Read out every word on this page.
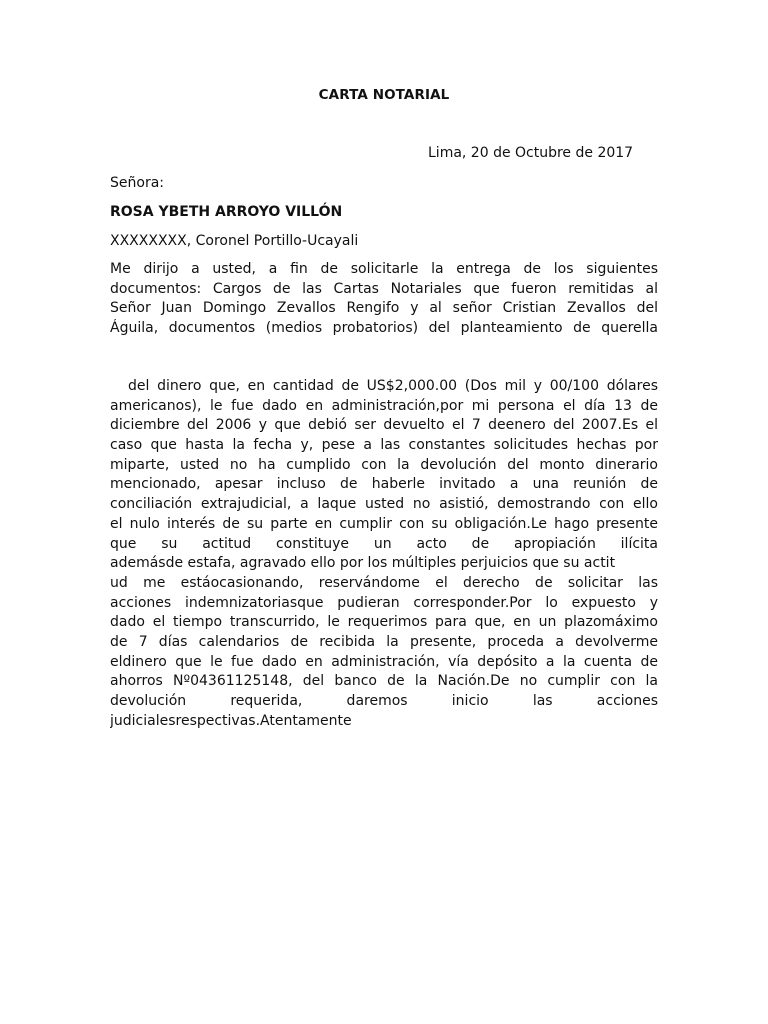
CARTA NOTARIAL
Lima, 20 de Octubre de 2017
Señora:
ROSA YBETH ARROYO VILLÓN
XXXXXXXX, Coronel Portillo-Ucayali
Me dirijo a usted, a fin de solicitarle la entrega de los siguientes
documentos: Cargos de las Cartas Notariales que fueron remitidas al
Señor Juan Domingo Zevallos Rengifo y al señor Cristian Zevallos del
Águila, documentos (medios probatorios) del planteamiento de querella
del dinero que, en cantidad de US$2,000.00 (Dos mil y 00/100 dólares
americanos), le fue dado en administración,por mi persona el día 13 de
diciembre del 2006 y que debió ser devuelto el 7 deenero del 2007.Es el
caso que hasta la fecha y, pese a las constantes solicitudes hechas por
miparte, usted no ha cumplido con la devolución del monto dinerario
mencionado, apesar incluso de haberle invitado a una reunión de
conciliación extrajudicial, a laque usted no asistió, demostrando con ello
el nulo interés de su parte en cumplir con su obligación.Le hago presente
que su actitud constituye un acto de apropiación ilícita
ademásde estafa, agravado ello por los múltiples perjuicios que su actit
ud me estáocasionando, reservándome el derecho de solicitar las
acciones indemnizatoriasque pudieran corresponder.Por lo expuesto y
dado el tiempo transcurrido, le requerimos para que, en un plazomáximo
de 7 días calendarios de recibida la presente, proceda a devolverme
eldinero que le fue dado en administración, vía depósito a la cuenta de
ahorros Nº04361125148, del banco de la Nación.De no cumplir con la
devolución requerida, daremos inicio las acciones
judicialesrespectivas.Atentamente
